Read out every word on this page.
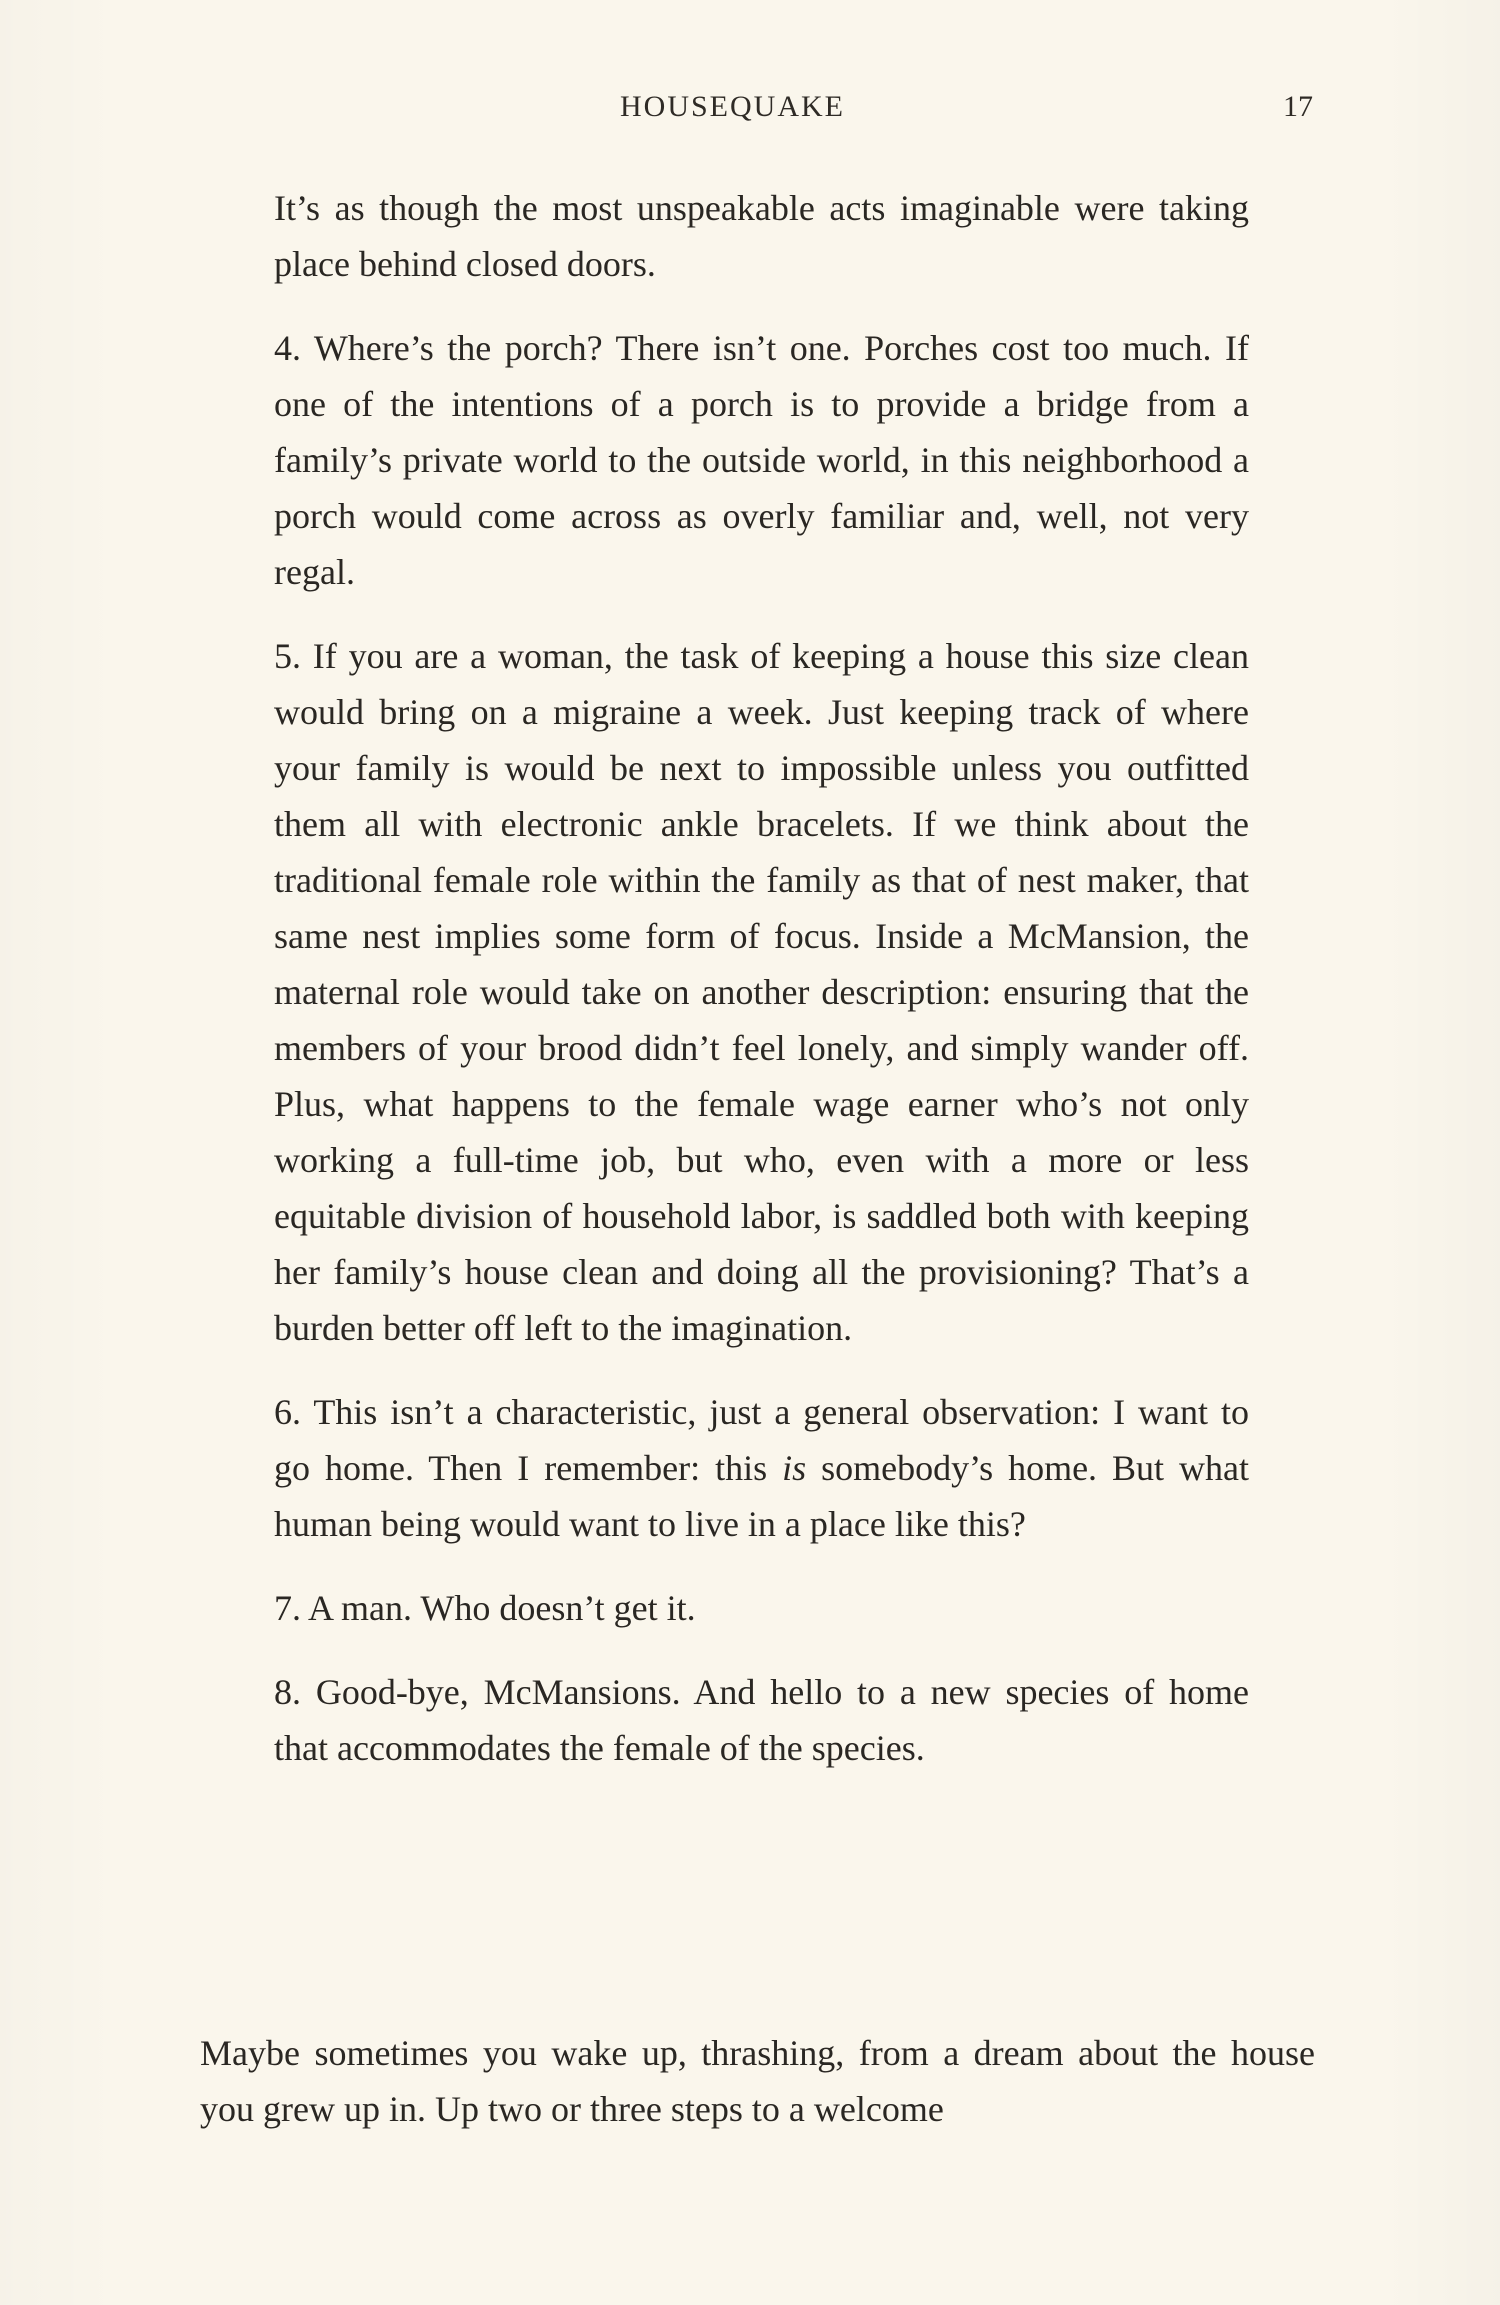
HOUSEQUAKE	17

It’s as though the most unspeakable acts imaginable were taking place behind closed doors.

4. Where’s the porch? There isn’t one. Porches cost too much. If one of the intentions of a porch is to provide a bridge from a family’s private world to the outside world, in this neighborhood a porch would come across as overly familiar and, well, not very regal.

5. If you are a woman, the task of keeping a house this size clean would bring on a migraine a week. Just keeping track of where your family is would be next to impossible unless you outfitted them all with electronic ankle bracelets. If we think about the traditional female role within the family as that of nest maker, that same nest implies some form of focus. Inside a McMansion, the maternal role would take on another description: ensuring that the members of your brood didn’t feel lonely, and simply wander off. Plus, what happens to the female wage earner who’s not only working a full-time job, but who, even with a more or less equitable division of household labor, is saddled both with keeping her family’s house clean and doing all the provisioning? That’s a burden better off left to the imagination.

6. This isn’t a characteristic, just a general observation: I want to go home. Then I remember: this is somebody’s home. But what human being would want to live in a place like this?

7. A man. Who doesn’t get it.

8. Good-bye, McMansions. And hello to a new species of home that accommodates the female of the species.

Maybe sometimes you wake up, thrashing, from a dream about the house you grew up in. Up two or three steps to a welcome
